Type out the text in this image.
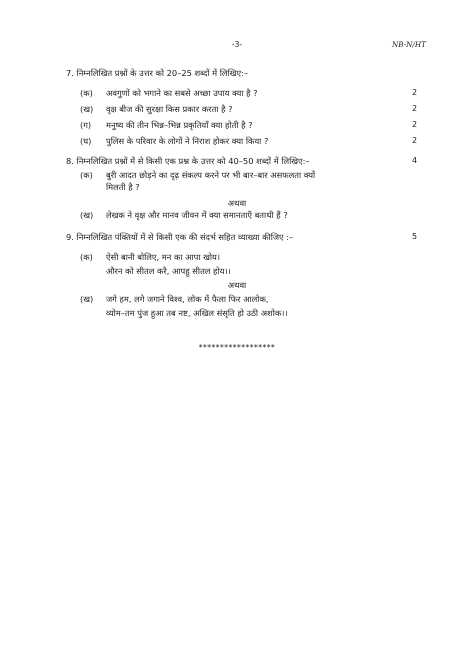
-3-	NB-N/HT
7. निम्नलिखित प्रश्नों के उत्तर को 20–25 शब्दों में लिखिए:–
(क) अवगुणों को भगाने का सबसे अच्छा उपाय क्या है ?	2
(ख) वृक्ष बीज की सुरक्षा किस प्रकार करता है ?	2
(ग) मनुष्य की तीन भिन्न–भिन्न प्रकृतियाँ क्या होती है ?	2
(घ) पुलिस के परिवार के लोगों ने निराश होकर क्या किया ?	2
8. निम्नलिखित प्रश्नों में से किसी एक प्रश्न के उत्तर को 40–50 शब्दों में लिखिए:–	4
(क) बुरी आदत छोड़ने का दृढ़ संकल्प करने पर भी बार–बार असफलता क्यों
मिलती है ?
अथवा
(ख) लेखक ने वृक्ष और मानव जीवन में क्या समानताएँ बताथी हैं ?
9. निम्नलिखित पंक्तियों में से किसी एक की संदर्भ सहित व्याख्या कीजिए :–	5
(क) ऐसी बानी बोलिए, मन का आपा खोय।
औरन को सीतल करै, आपहु सीतल होय।।
अथवा
(ख) जगे हम, लगे जगाने विश्व, लोक में फैला फिर आलोक,
व्योम–तम पुंज हुआ तब नष्ट, अखिल संसृति हो उठी अशोक।।
******************
